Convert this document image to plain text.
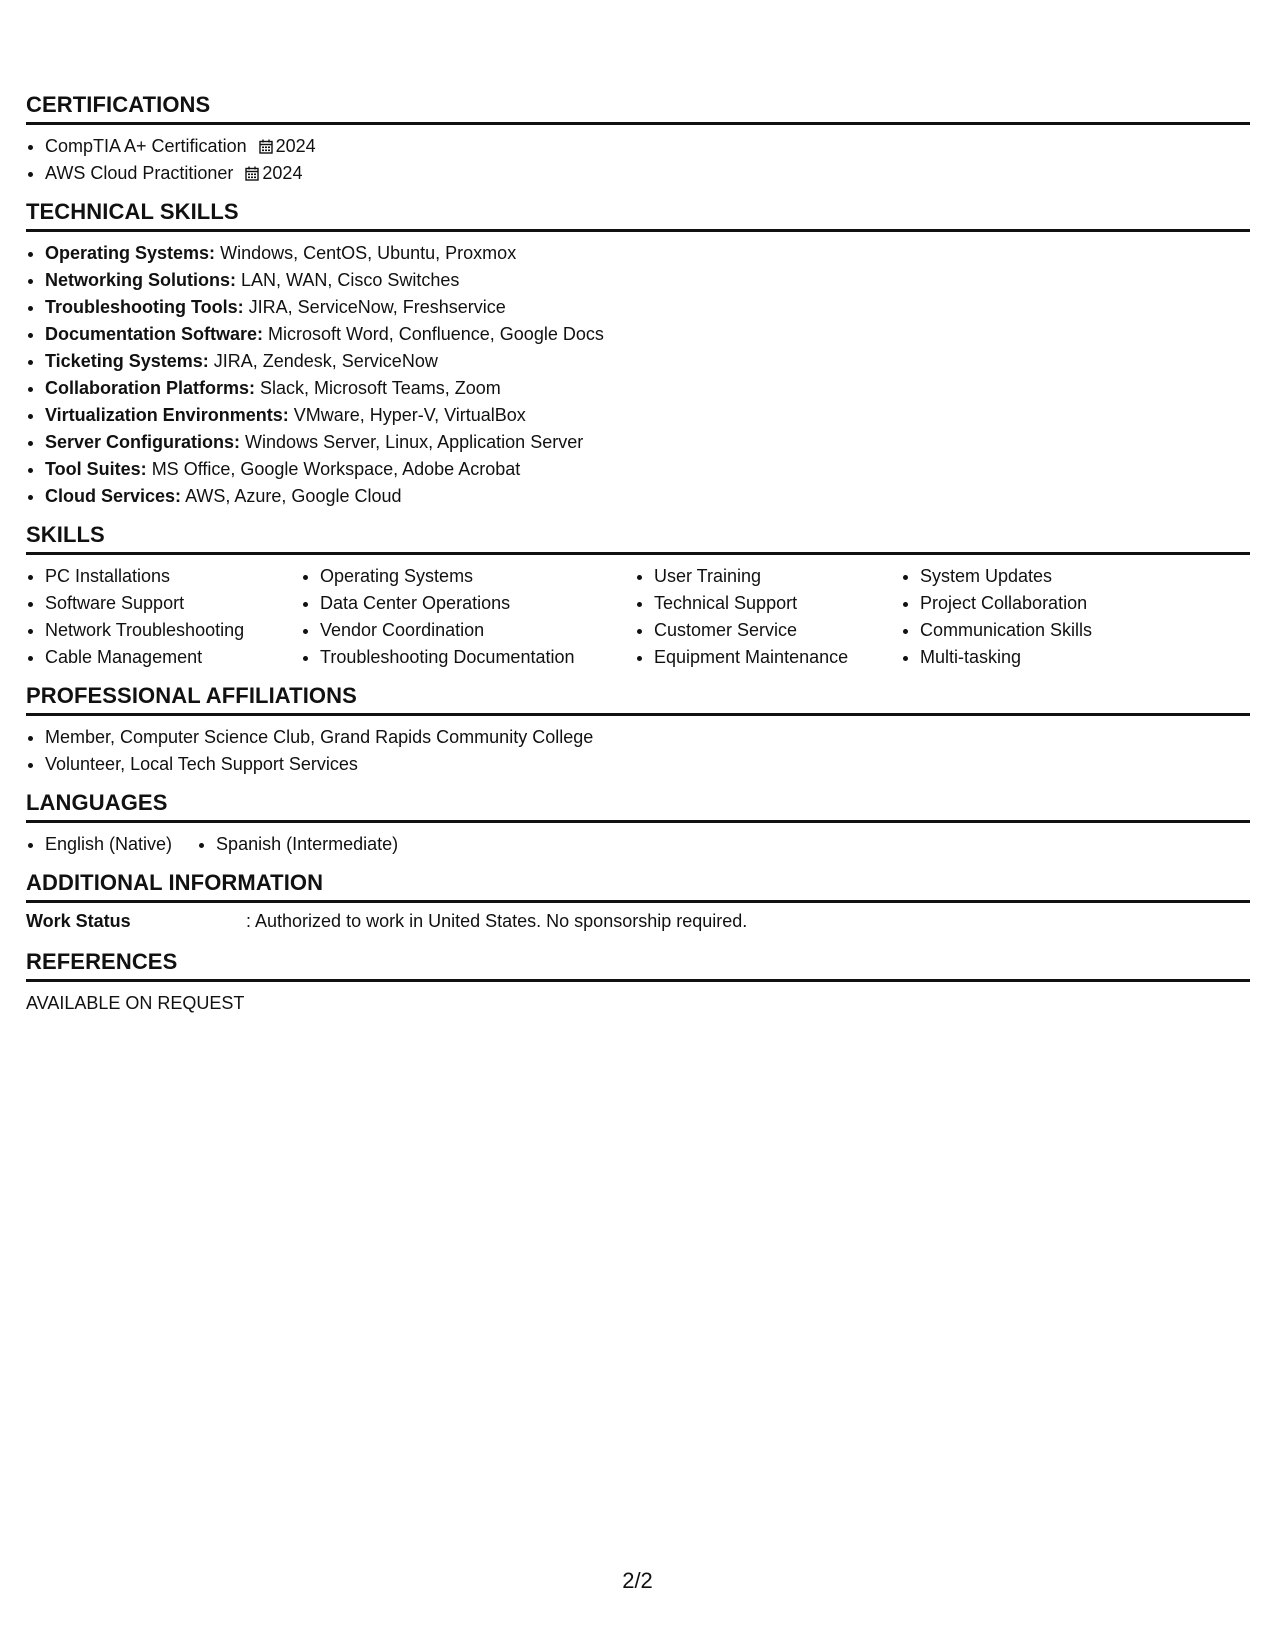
CERTIFICATIONS
• CompTIA A+ Certification 2024
• AWS Cloud Practitioner 2024
TECHNICAL SKILLS
• Operating Systems: Windows, CentOS, Ubuntu, Proxmox
• Networking Solutions: LAN, WAN, Cisco Switches
• Troubleshooting Tools: JIRA, ServiceNow, Freshservice
• Documentation Software: Microsoft Word, Confluence, Google Docs
• Ticketing Systems: JIRA, Zendesk, ServiceNow
• Collaboration Platforms: Slack, Microsoft Teams, Zoom
• Virtualization Environments: VMware, Hyper-V, VirtualBox
• Server Configurations: Windows Server, Linux, Application Server
• Tool Suites: MS Office, Google Workspace, Adobe Acrobat
• Cloud Services: AWS, Azure, Google Cloud
SKILLS
• PC Installations
• Software Support
• Network Troubleshooting
• Cable Management
• Operating Systems
• Data Center Operations
• Vendor Coordination
• Troubleshooting Documentation
• User Training
• Technical Support
• Customer Service
• Equipment Maintenance
• System Updates
• Project Collaboration
• Communication Skills
• Multi-tasking
PROFESSIONAL AFFILIATIONS
• Member, Computer Science Club, Grand Rapids Community College
• Volunteer, Local Tech Support Services
LANGUAGES
• English (Native)
• Spanish (Intermediate)
ADDITIONAL INFORMATION
Work Status	: Authorized to work in United States. No sponsorship required.
REFERENCES
AVAILABLE ON REQUEST
2/2
